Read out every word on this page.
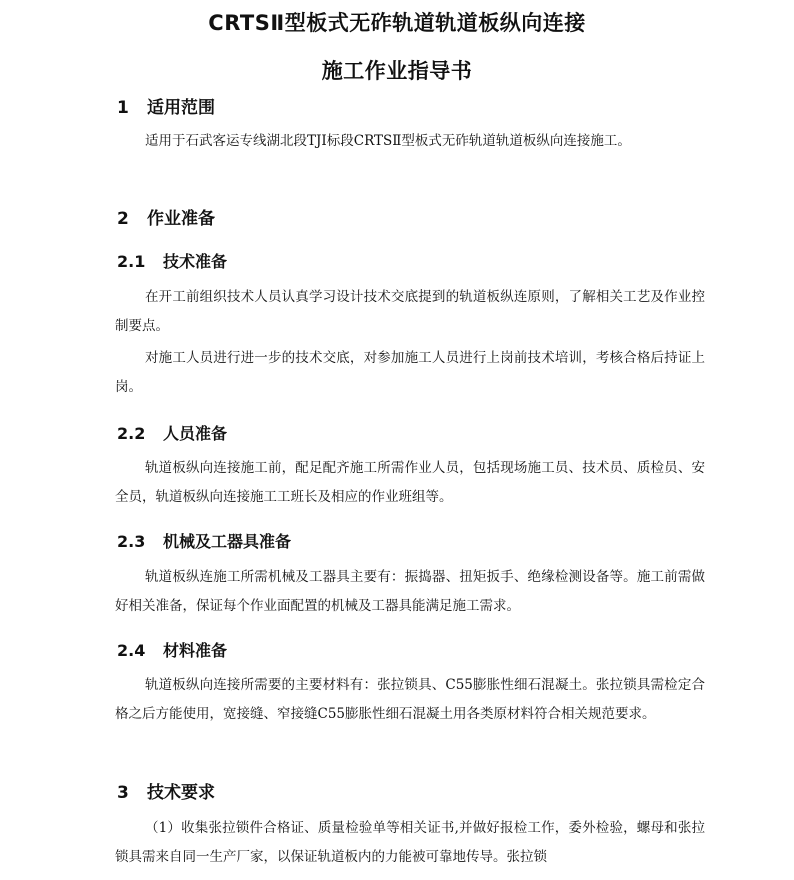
CRTSⅡ型板式无砟轨道轨道板纵向连接
施工作业指导书
1 适用范围
适用于石武客运专线湖北段TJⅠ标段CRTSⅡ型板式无砟轨道轨道板纵向连接施工。
2 作业准备
2.1 技术准备
在开工前组织技术人员认真学习设计技术交底提到的轨道板纵连原则，了解相关工艺及作业控制要点。
对施工人员进行进一步的技术交底，对参加施工人员进行上岗前技术培训，考核合格后持证上岗。
2.2 人员准备
轨道板纵向连接施工前，配足配齐施工所需作业人员，包括现场施工员、技术员、质检员、安全员，轨道板纵向连接施工工班长及相应的作业班组等。
2.3 机械及工器具准备
轨道板纵连施工所需机械及工器具主要有：振捣器、扭矩扳手、绝缘检测设备等。施工前需做好相关准备，保证每个作业面配置的机械及工器具能满足施工需求。
2.4 材料准备
轨道板纵向连接所需要的主要材料有：张拉锁具、C55膨胀性细石混凝土。张拉锁具需检定合格之后方能使用，宽接缝、窄接缝C55膨胀性细石混凝土用各类原材料符合相关规范要求。
3 技术要求
（1）收集张拉锁件合格证、质量检验单等相关证书,并做好报检工作，委外检验，螺母和张拉锁具需来自同一生产厂家，以保证轨道板内的力能被可靠地传导。张拉锁
